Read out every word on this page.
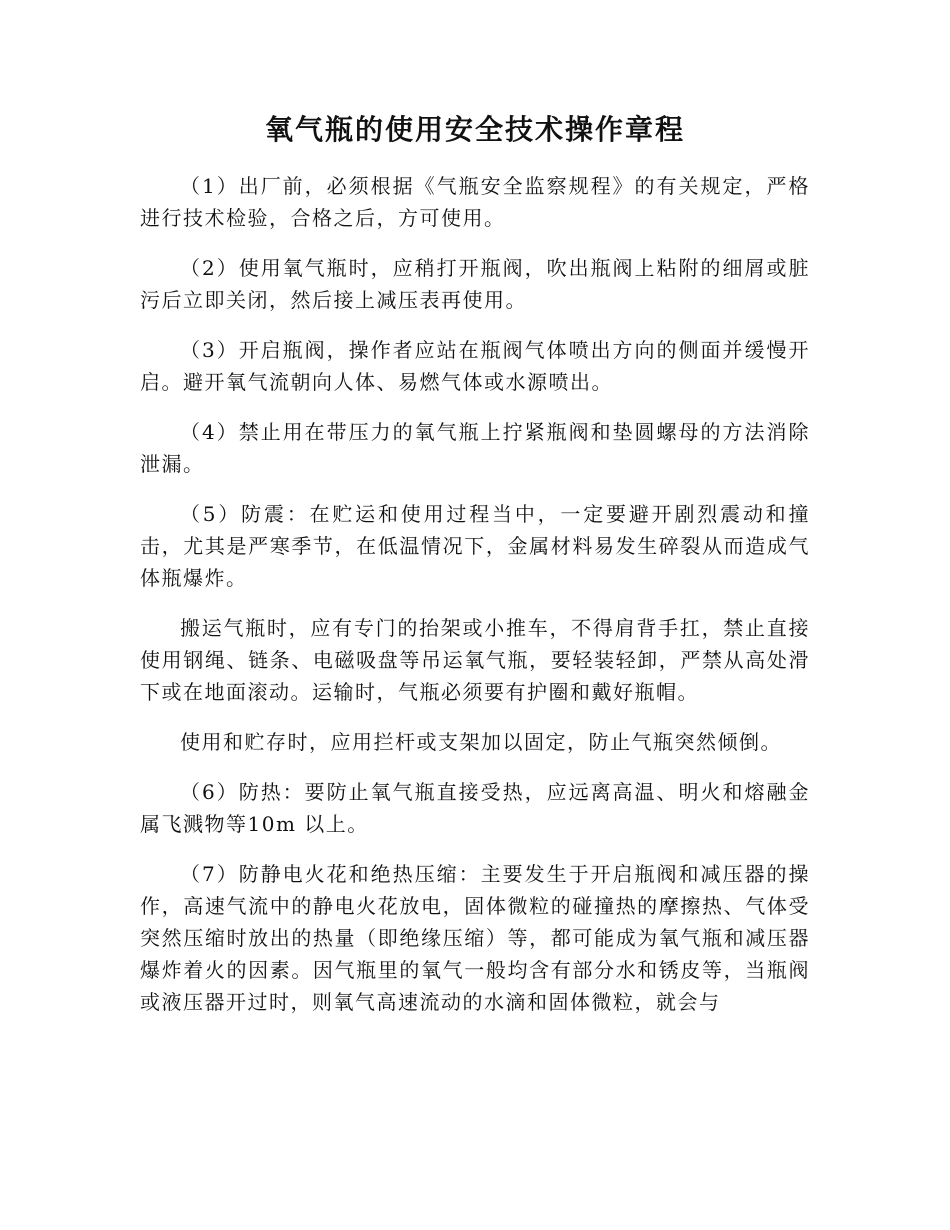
氧气瓶的使用安全技术操作章程

（1）出厂前，必须根据《气瓶安全监察规程》的有关规定，严格进行技术检验，合格之后，方可使用。

（2）使用氧气瓶时，应稍打开瓶阀，吹出瓶阀上粘附的细屑或脏污后立即关闭，然后接上减压表再使用。

（3）开启瓶阀，操作者应站在瓶阀气体喷出方向的侧面并缓慢开启。避开氧气流朝向人体、易燃气体或水源喷出。

（4）禁止用在带压力的氧气瓶上拧紧瓶阀和垫圆螺母的方法消除泄漏。

（5）防震：在贮运和使用过程当中，一定要避开剧烈震动和撞击，尤其是严寒季节，在低温情况下，金属材料易发生碎裂从而造成气体瓶爆炸。

搬运气瓶时，应有专门的抬架或小推车，不得肩背手扛，禁止直接使用钢绳、链条、电磁吸盘等吊运氧气瓶，要轻装轻卸，严禁从高处滑下或在地面滚动。运输时，气瓶必须要有护圈和戴好瓶帽。

使用和贮存时，应用拦杆或支架加以固定，防止气瓶突然倾倒。

（6）防热：要防止氧气瓶直接受热，应远离高温、明火和熔融金属飞溅物等10m 以上。

（7）防静电火花和绝热压缩：主要发生于开启瓶阀和减压器的操作，高速气流中的静电火花放电，固体微粒的碰撞热的摩擦热、气体受突然压缩时放出的热量（即绝缘压缩）等，都可能成为氧气瓶和减压器爆炸着火的因素。因气瓶里的氧气一般均含有部分水和锈皮等，当瓶阀或液压器开过时，则氧气高速流动的水滴和固体微粒，就会与
